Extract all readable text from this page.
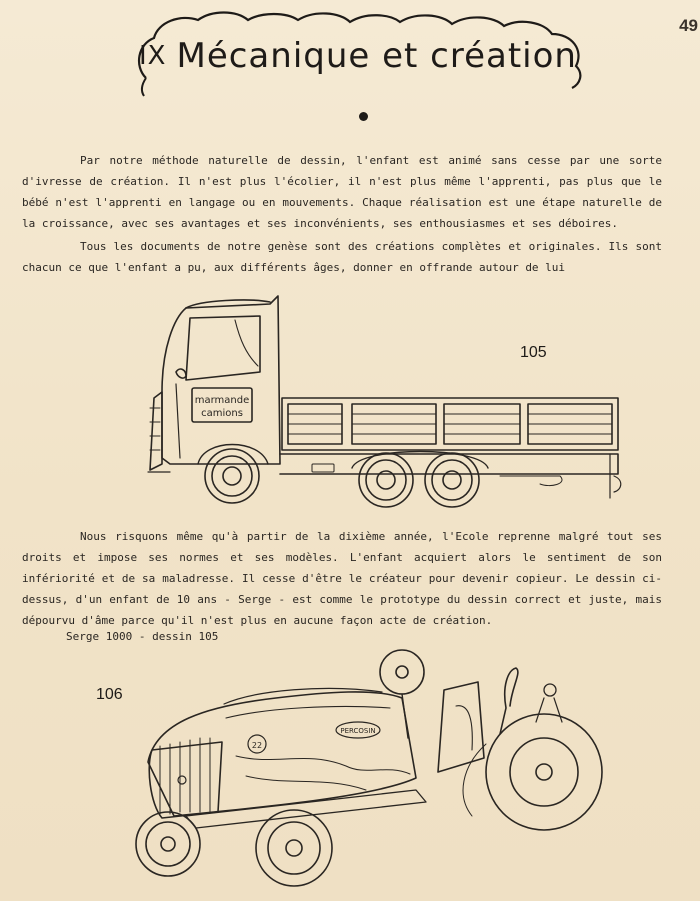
49
IX Mécanique et création

Par notre méthode naturelle de dessin, l'enfant est animé sans cesse par une sorte d'ivresse de création. Il n'est plus l'écolier, il n'est plus même l'apprenti, pas plus que le bébé n'est l'apprenti en langage ou en mouvements. Chaque réalisation est une étape naturelle de la croissance, avec ses avantages et ses inconvénients, ses enthousiasmes et ses déboires.

Tous les documents de notre genèse sont des créations complètes et originales. Ils sont chacun ce que l'enfant a pu, aux différents âges, donner en offrande autour de lui

105
marmande
camions

Nous risquons même qu'à partir de la dixième année, l'Ecole reprenne malgré tout ses droits et impose ses normes et ses modèles. L'enfant acquiert alors le sentiment de son infériorité et de sa maladresse. Il cesse d'être le créateur pour devenir copieur. Le dessin ci-dessus, d'un enfant de 10 ans - Serge - est comme le prototype du dessin correct et juste, mais dépourvu d'âme parce qu'il n'est plus en aucune façon acte de création.

Serge 1000 - dessin 105
106
22
PERCOSIN
